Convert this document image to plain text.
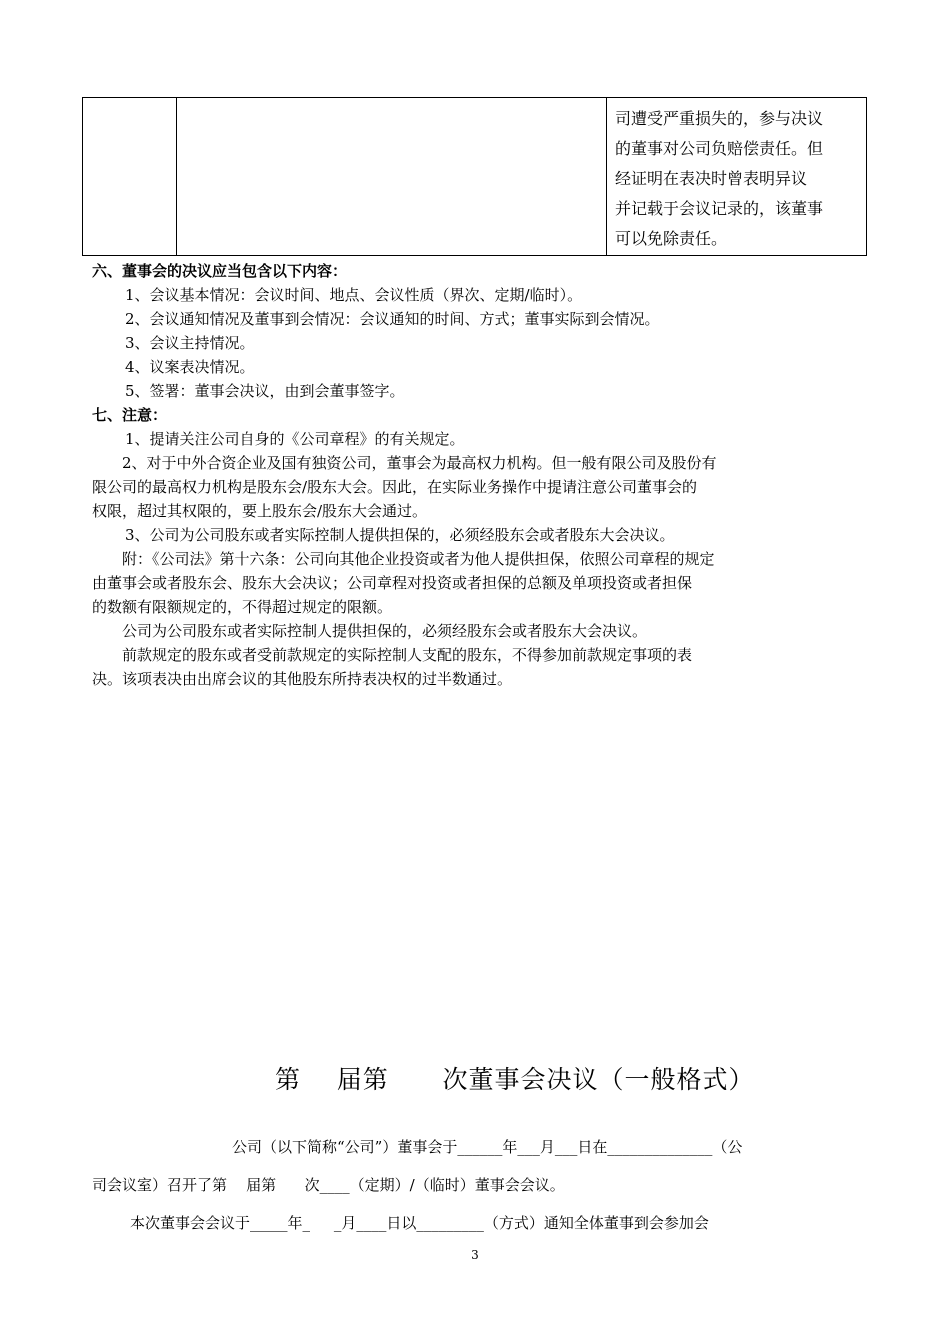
司遭受严重损失的，参与决议
的董事对公司负赔偿责任。但
经证明在表决时曾表明异议
并记载于会议记录的，该董事
可以免除责任。
六、董事会的决议应当包含以下内容：
1、会议基本情况：会议时间、地点、会议性质（界次、定期/临时）。
2、会议通知情况及董事到会情况：会议通知的时间、方式；董事实际到会情况。
3、会议主持情况。
4、议案表决情况。
5、签署：董事会决议，由到会董事签字。
七、注意：
1、提请关注公司自身的《公司章程》的有关规定。
2、对于中外合资企业及国有独资公司，董事会为最高权力机构。但一般有限公司及股份有
限公司的最高权力机构是股东会/股东大会。因此，在实际业务操作中提请注意公司董事会的
权限，超过其权限的，要上股东会/股东大会通过。
3、公司为公司股东或者实际控制人提供担保的，必须经股东会或者股东大会决议。
附：《公司法》第十六条：公司向其他企业投资或者为他人提供担保，依照公司章程的规定
由董事会或者股东会、股东大会决议；公司章程对投资或者担保的总额及单项投资或者担保
的数额有限额规定的，不得超过规定的限额。
公司为公司股东或者实际控制人提供担保的，必须经股东会或者股东大会决议。
前款规定的股东或者受前款规定的实际控制人支配的股东，不得参加前款规定事项的表
决。该项表决由出席会议的其他股东所持表决权的过半数通过。
第    届第      次董事会决议（一般格式）
公司（以下简称“公司”）董事会于______年___月___日在______________（公
司会议室）召开了第    届第      次____（定期）/（临时）董事会会议。
本次董事会会议于_____年_     _月____日以_________（方式）通知全体董事到会参加会
3
